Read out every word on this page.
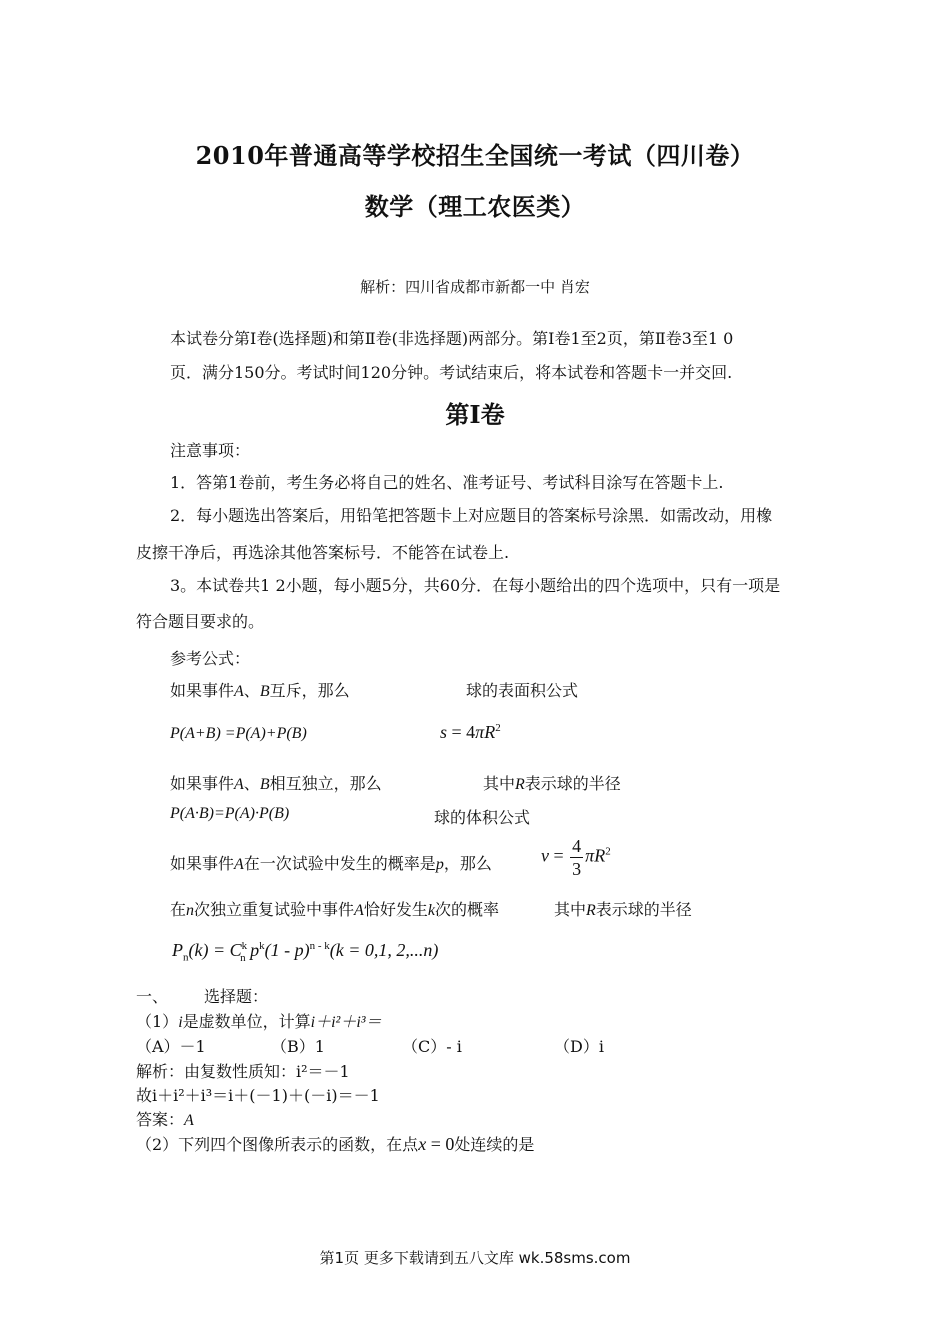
2010年普通高等学校招生全国统一考试（四川卷）
数学（理工农医类）
解析：四川省成都市新都一中 肖宏
本试卷分第Ⅰ卷(选择题)和第Ⅱ卷(非选择题)两部分。第Ⅰ卷1至2页，第Ⅱ卷3至1 0
页．满分150分。考试时间120分钟。考试结束后，将本试卷和答题卡一并交回.
第Ⅰ卷
注意事项：
1．答第1卷前，考生务必将自己的姓名、准考证号、考试科目涂写在答题卡上.
2．每小题选出答案后，用铅笔把答题卡上对应题目的答案标号涂黑．如需改动，用橡
皮擦干净后，再选涂其他答案标号．不能答在试卷上.
3。本试卷共1 2小题，每小题5分，共60分．在每小题给出的四个选项中，只有一项是
符合题目要求的。
参考公式：
如果事件A、B互斥，那么	球的表面积公式
P(A+B) =P(A)+P(B)	$s = 4\pi R^2$
如果事件A、B相互独立，那么	其中R表示球的半径
P(A·B)=P(A)·P(B)	球的体积公式
如果事件A在一次试验中发生的概率是p，那么	$v = \frac{4}{3} \pi R^2$
在n次独立重复试验中事件A恰好发生k次的概率	其中R表示球的半径
$P_n(k) = C^k_n$ $p^k(1 - p)^{n - k}(k = 0,1$, 2,...n)
一、 选择题：
（1）i是虚数单位，计算i＋i²＋i³＝
（A）－1	（B）1	（C）- i	（D）i
解析：由复数性质知：i²＝－1
故i＋i²＋i³＝i＋(－1)＋(－i)＝－1
答案：A
（2）下列四个图像所表示的函数，在点x = 0处连续的是
第1页 更多下载请到五八文库 wk.58sms.com
